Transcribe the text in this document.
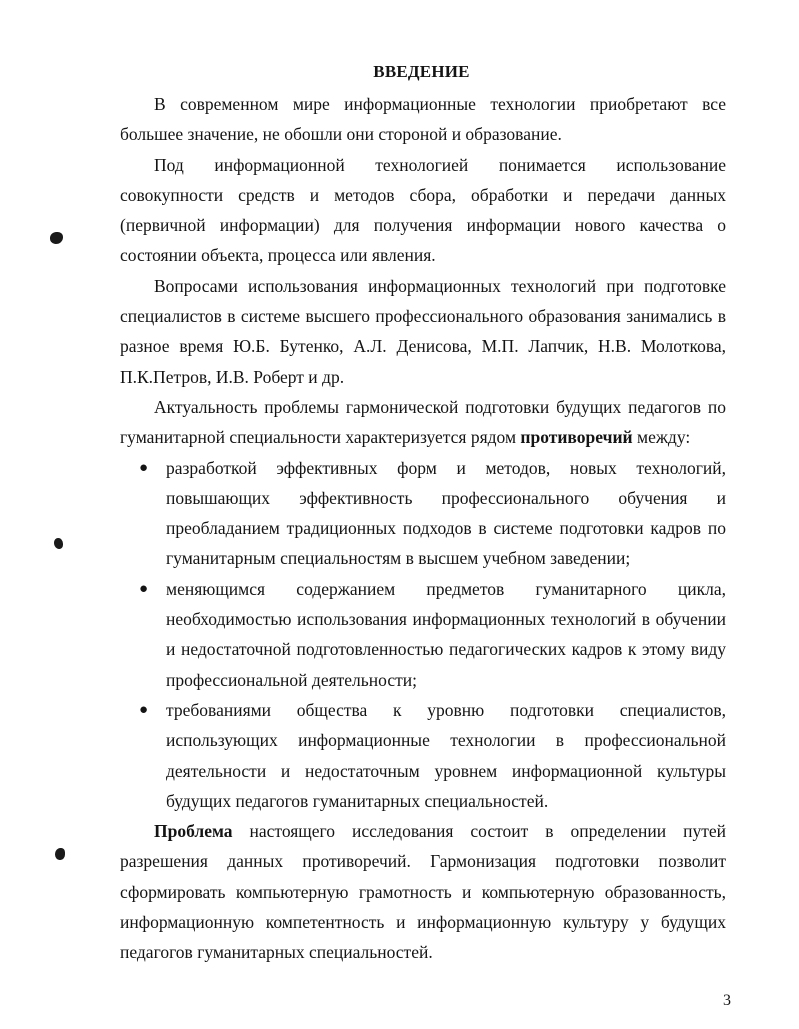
ВВЕДЕНИЕ

В современном мире информационные технологии приобретают все большее значение, не обошли они стороной и образование.

Под информационной технологией понимается использование совокупности средств и методов сбора, обработки и передачи данных (первичной информации) для получения информации нового качества о состоянии объекта, процесса или явления.

Вопросами использования информационных технологий при подготовке специалистов в системе высшего профессионального образования занимались в разное время Ю.Б. Бутенко, А.Л. Денисова, М.П. Лапчик, Н.В. Молоткова, П.К.Петров, И.В. Роберт и др.

Актуальность проблемы гармонической подготовки будущих педагогов по гуманитарной специальности характеризуется рядом противоречий между:

● разработкой эффективных форм и методов, новых технологий, повышающих эффективность профессионального обучения и преобладанием традиционных подходов в системе подготовки кадров по гуманитарным специальностям в высшем учебном заведении;
● меняющимся содержанием предметов гуманитарного цикла, необходимостью использования информационных технологий в обучении и недостаточной подготовленностью педагогических кадров к этому виду профессиональной деятельности;
● требованиями общества к уровню подготовки специалистов, использующих информационные технологии в профессиональной деятельности и недостаточным уровнем информационной культуры будущих педагогов гуманитарных специальностей.

Проблема настоящего исследования состоит в определении путей разрешения данных противоречий. Гармонизация подготовки позволит сформировать компьютерную грамотность и компьютерную образованность, информационную компетентность и информационную культуру у будущих педагогов гуманитарных специальностей.

3
